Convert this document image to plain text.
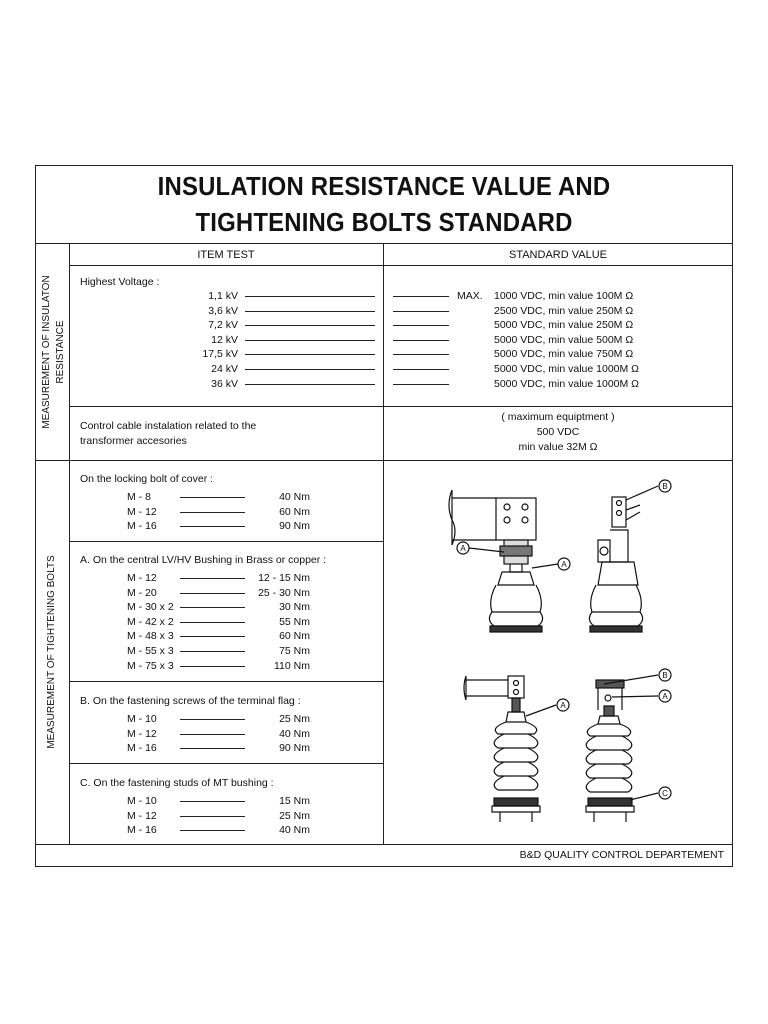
INSULATION RESISTANCE VALUE AND
TIGHTENING BOLTS STANDARD
ITEM TEST	STANDARD VALUE
MEASUREMENT OF INSULATON RESISTANCE
MEASUREMENT OF TIGHTENING BOLTS
Highest Voltage :
MAX.
1,1 kV	1000 VDC, min value 100M Ω
3,6 kV	2500 VDC, min value 250M Ω
7,2 kV	5000 VDC, min value 250M Ω
12 kV	5000 VDC, min value 500M Ω
17,5 kV	5000 VDC, min value 750M Ω
24 kV	5000 VDC, min value 1000M Ω
36 kV	5000 VDC, min value 1000M Ω
Control cable instalation related to the
transformer accesories
( maximum equiptment )
500 VDC
min value 32M Ω
On the locking bolt of cover :
A. On the central LV/HV Bushing in Brass or copper :
B. On the fastening screws of the terminal flag :
C. On the fastening studs of MT bushing :
M - 8	40 Nm
M - 12	60 Nm
M - 16	90 Nm
M - 12	12 - 15 Nm
M - 20	25 - 30 Nm
M - 30 x 2	30 Nm
M - 42 x 2	55 Nm
M - 48 x 3	60 Nm
M - 55 x 3	75 Nm
M - 75 x 3	110 Nm
M - 10	25 Nm
M - 12	40 Nm
M - 16	90 Nm
M - 10	15 Nm
M - 12	25 Nm
M - 16	40 Nm
A
A
B
B
A
A
C
B&D QUALITY CONTROL DEPARTEMENT
